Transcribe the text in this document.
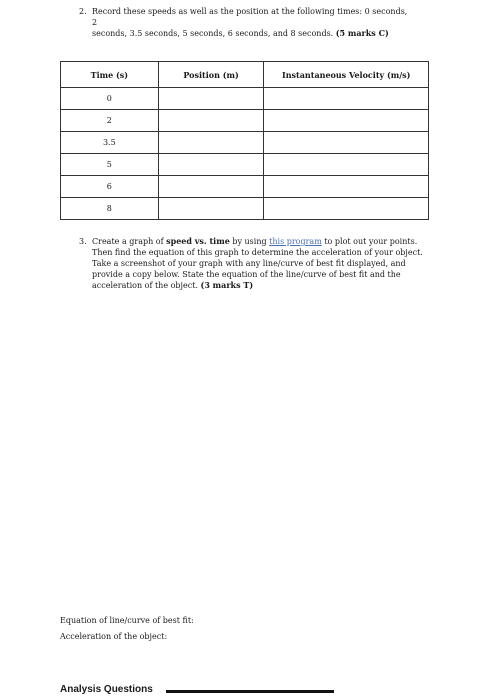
2. Record these speeds as well as the position at the following times: 0 seconds, 2
seconds, 3.5 seconds, 5 seconds, 6 seconds, and 8 seconds. (5 marks C)
Time (s)	Position (m)	Instantaneous Velocity (m/s)
0		
2		
3.5		
5		
6		
8		
3. Create a graph of speed vs. time by using this program to plot out your points.
Then find the equation of this graph to determine the acceleration of your object.
Take a screenshot of your graph with any line/curve of best fit displayed, and
provide a copy below. State the equation of the line/curve of best fit and the
acceleration of the object. (3 marks T)
Equation of line/curve of best fit:
Acceleration of the object:
Analysis Questions
